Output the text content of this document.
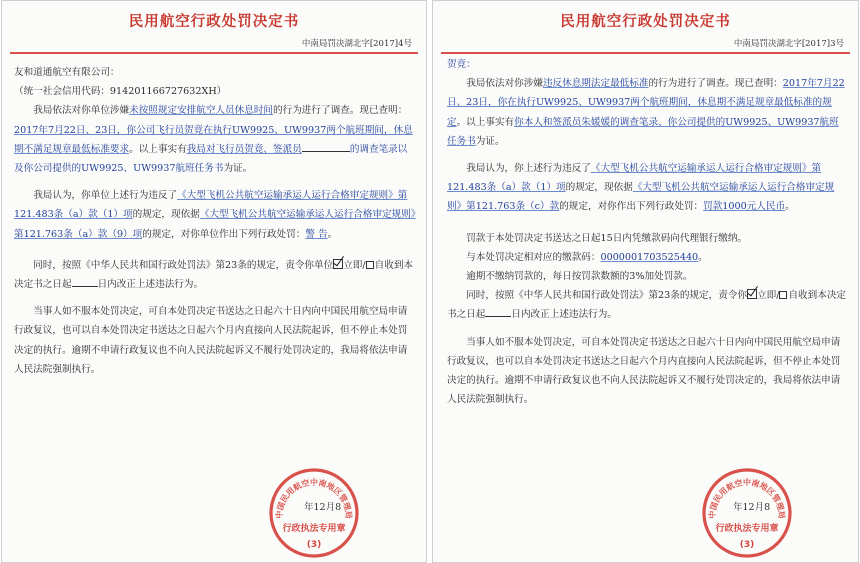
民用航空行政处罚决定书
中南局罚决湖北字[2017]4号

友和道通航空有限公司：

（统一社会信用代码：914201166727632XH）

我局依法对你单位涉嫌未按照规定安排航空人员休息时间的行为进行了调查。现已查明：2017年7月22日、23日，你公司飞行员贺竟在执行UW9925、UW9937两个航班期间，休息期不满足规章最低标准要求。以上事实有我局对飞行员贺竟、签派员	的调查笔录以及你公司提供的UW9925、UW9937航班任务书为证。

我局认为，你单位上述行为违反了《大型飞机公共航空运输承运人运行合格审定规则》第121.483条（a）款（1）项的规定，现依据《大型飞机公共航空运输承运人运行合格审定规则》第121.763条（a）款（9）项的规定，对你单位作出下列行政处罚：警 告。

同时，按照《中华人民共和国行政处罚法》第23条的规定，责令你单位 立即/ 自收到本决定书之日起	日内改正上述违法行为。

当事人如不服本处罚决定，可自本处罚决定书送达之日起六十日内向中国民用航空局申请行政复议，也可以自本处罚决定书送达之日起六个月内直接向人民法院起诉，但不停止本处罚决定的执行。逾期不申请行政复议也不向人民法院起诉又不履行处罚决定的，我局将依法申请人民法院强制执行。

中国民用航空中南地区管理局
行政执法专用章
(3)
年12月8
民用航空行政处罚决定书
中南局罚决湖北字[2017]3号

贺竟：

我局依法对你涉嫌违反休息期法定最低标准的行为进行了调查。现已查明：2017年7月22日、23日，你在执行UW9925、UW9937两个航班期间，休息期不满足规章最低标准的规定。以上事实有你本人和签派员朱媛媛的调查笔录、你公司提供的UW9925、UW9937航班任务书为证。

我局认为，你上述行为违反了《大型飞机公共航空运输承运人运行合格审定规则》第121.483条（a）款（1）项的规定，现依据《大型飞机公共航空运输承运人运行合格审定规则》第121.763条（c）款的规定，对你作出下列行政处罚：罚款1000元人民币。

罚款于本处罚决定书送达之日起15日内凭缴款码向代理银行缴纳。

与本处罚决定相对应的缴款码：0000001703525440。

逾期不缴纳罚款的，每日按罚款数额的3%加处罚款。

同时，按照《中华人民共和国行政处罚法》第23条的规定，责令你 立即/ 自收到本决定书之日起	日内改正上述违法行为。

当事人如不服本处罚决定，可自本处罚决定书送达之日起六十日内向中国民用航空局申请行政复议，也可以自本处罚决定书送达之日起六个月内直接向人民法院起诉，但不停止本处罚决定的执行。逾期不申请行政复议也不向人民法院起诉又不履行处罚决定的，我局将依法申请人民法院强制执行。

中国民用航空中南地区管理局
行政执法专用章
(3)
年12月8
